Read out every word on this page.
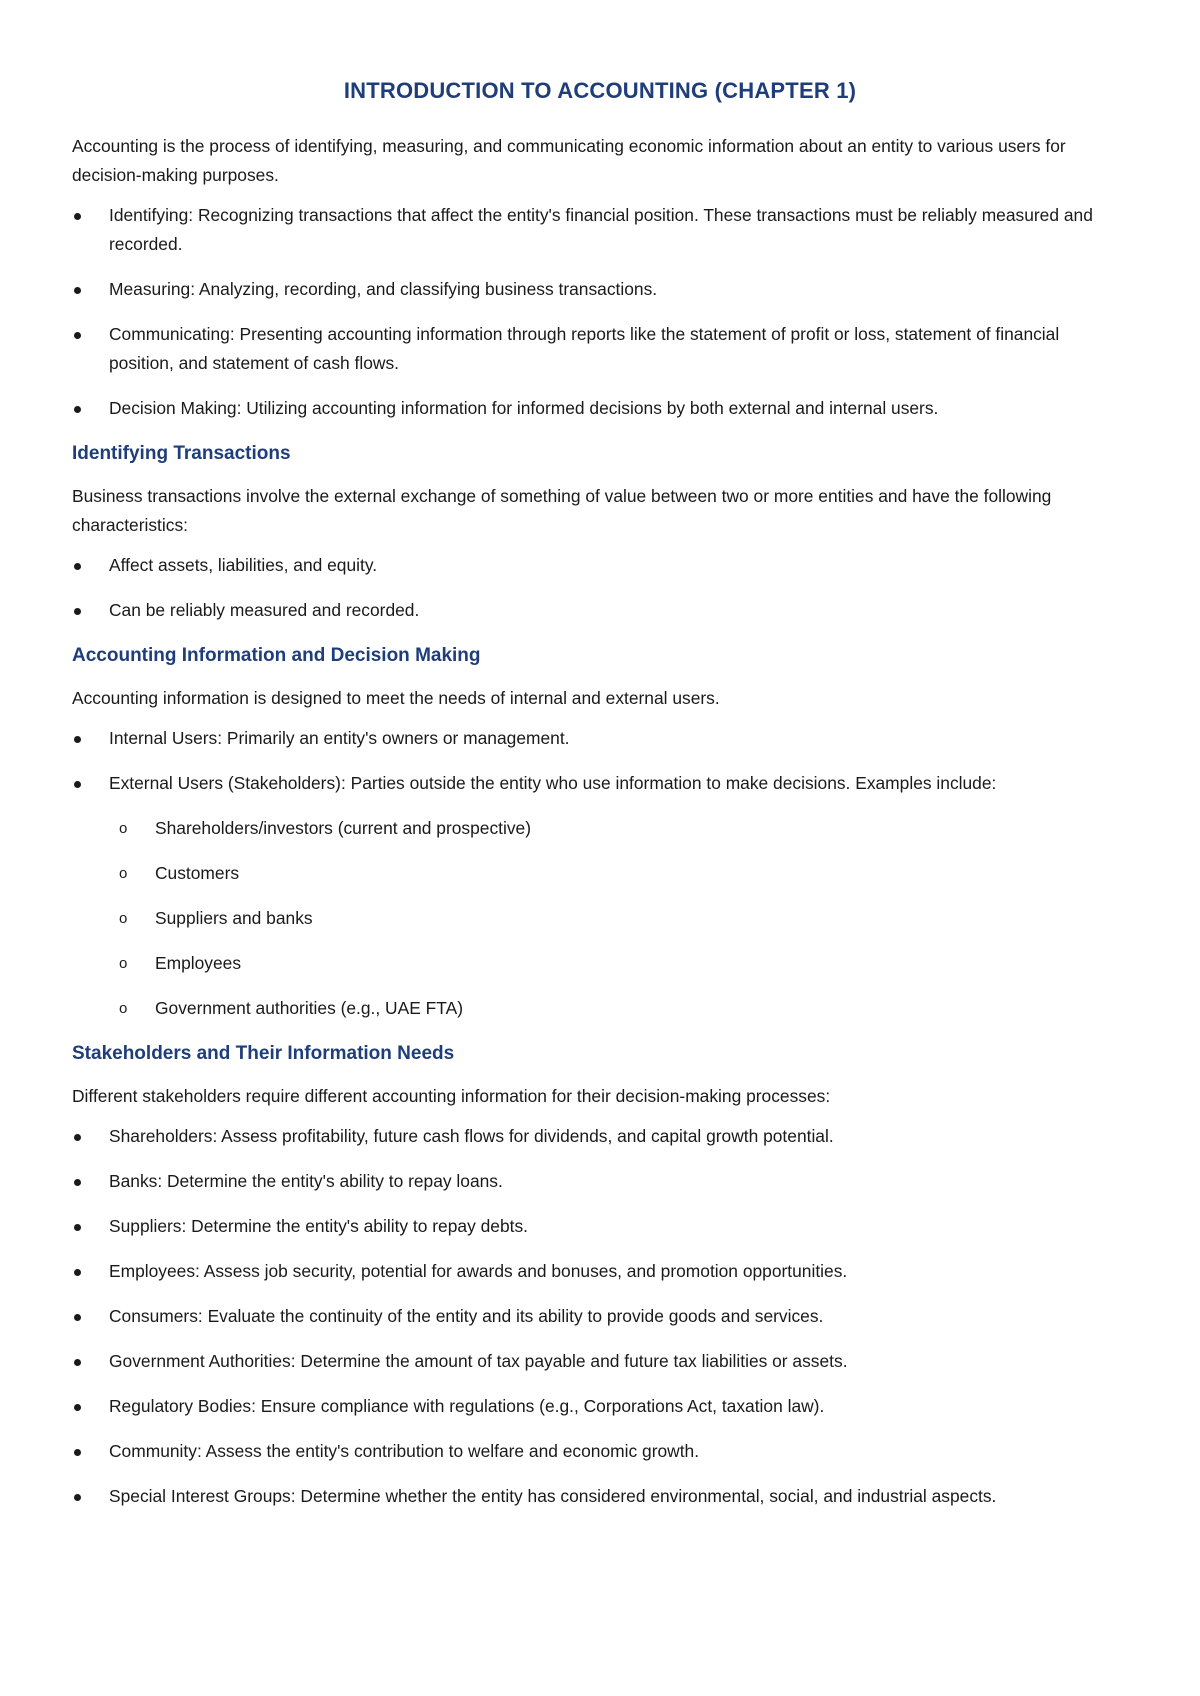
INTRODUCTION TO ACCOUNTING (CHAPTER 1)

Accounting is the process of identifying, measuring, and communicating economic information about an entity to various users for decision-making purposes.

Identifying: Recognizing transactions that affect the entity's financial position. These transactions must be reliably measured and recorded.
Measuring: Analyzing, recording, and classifying business transactions.
Communicating: Presenting accounting information through reports like the statement of profit or loss, statement of financial position, and statement of cash flows.
Decision Making: Utilizing accounting information for informed decisions by both external and internal users.
Identifying Transactions

Business transactions involve the external exchange of something of value between two or more entities and have the following characteristics:

Affect assets, liabilities, and equity.
Can be reliably measured and recorded.
Accounting Information and Decision Making

Accounting information is designed to meet the needs of internal and external users.

Internal Users: Primarily an entity's owners or management.
External Users (Stakeholders): Parties outside the entity who use information to make decisions. Examples include:
o Shareholders/investors (current and prospective)
o Customers
o Suppliers and banks
o Employees
o Government authorities (e.g., UAE FTA)
Stakeholders and Their Information Needs

Different stakeholders require different accounting information for their decision-making processes:

Shareholders: Assess profitability, future cash flows for dividends, and capital growth potential.
Banks: Determine the entity's ability to repay loans.
Suppliers: Determine the entity's ability to repay debts.
Employees: Assess job security, potential for awards and bonuses, and promotion opportunities.
Consumers: Evaluate the continuity of the entity and its ability to provide goods and services.
Government Authorities: Determine the amount of tax payable and future tax liabilities or assets.
Regulatory Bodies: Ensure compliance with regulations (e.g., Corporations Act, taxation law).
Community: Assess the entity's contribution to welfare and economic growth.
Special Interest Groups: Determine whether the entity has considered environmental, social, and industrial aspects.
